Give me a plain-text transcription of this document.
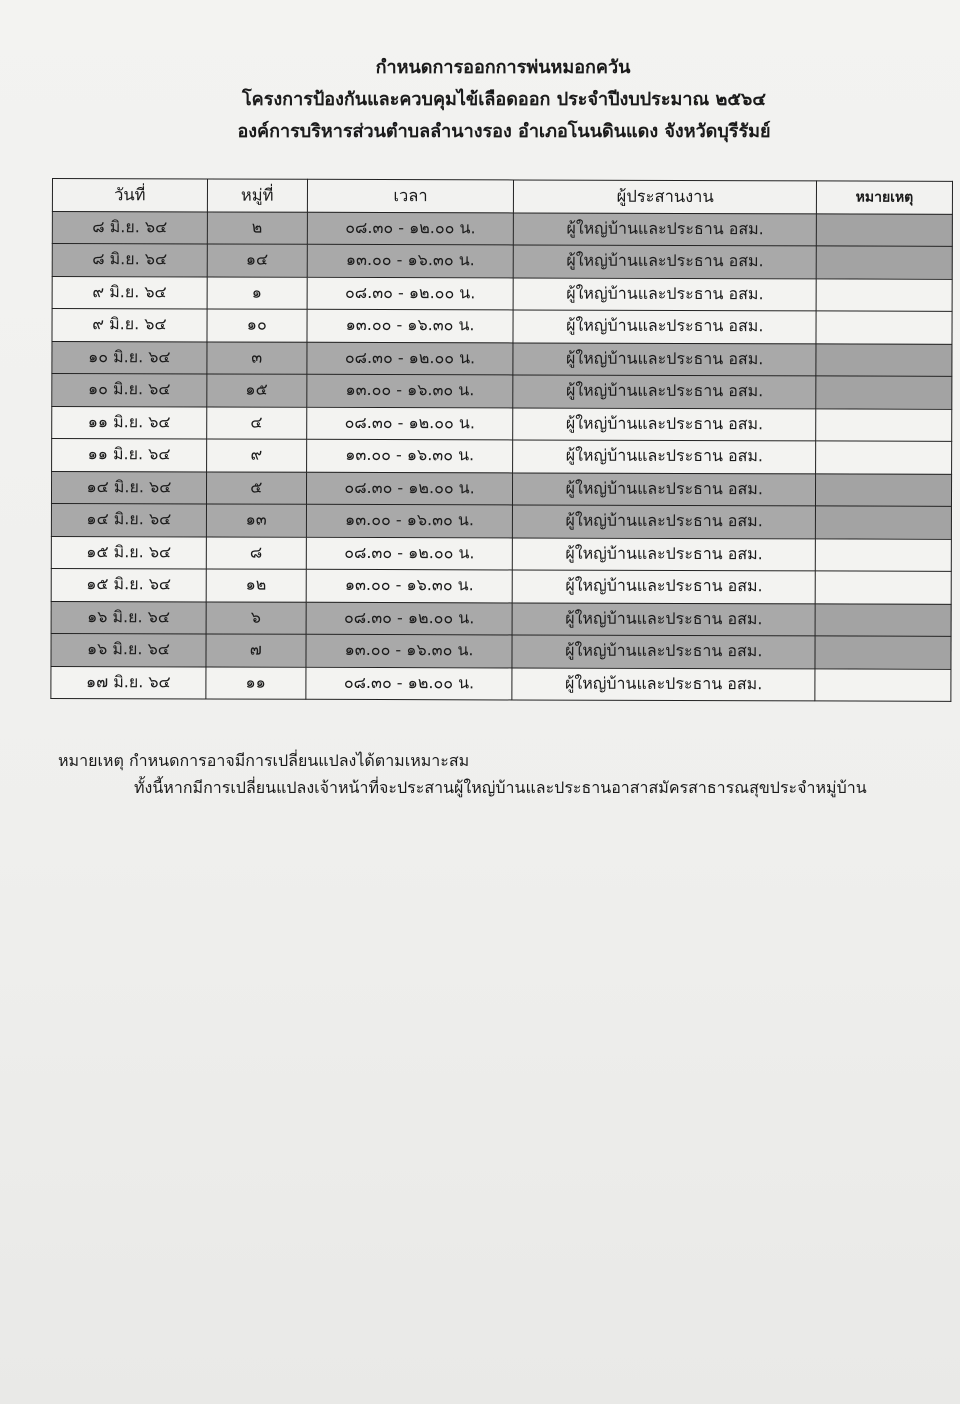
กำหนดการออกการพ่นหมอกควัน
โครงการป้องกันและควบคุมไข้เลือดออก ประจำปีงบประมาณ ๒๕๖๔
องค์การบริหารส่วนตำบลลำนางรอง อำเภอโนนดินแดง จังหวัดบุรีรัมย์
วันที่	หมู่ที่	เวลา	ผู้ประสานงาน	หมายเหตุ
๘ มิ.ย. ๖๔	๒	๐๘.๓๐ - ๑๒.๐๐ น.	ผู้ใหญ่บ้านและประธาน อสม.	
๘ มิ.ย. ๖๔	๑๔	๑๓.๐๐ - ๑๖.๓๐ น.	ผู้ใหญ่บ้านและประธาน อสม.	
๙ มิ.ย. ๖๔	๑	๐๘.๓๐ - ๑๒.๐๐ น.	ผู้ใหญ่บ้านและประธาน อสม.	
๙ มิ.ย. ๖๔	๑๐	๑๓.๐๐ - ๑๖.๓๐ น.	ผู้ใหญ่บ้านและประธาน อสม.	
๑๐ มิ.ย. ๖๔	๓	๐๘.๓๐ - ๑๒.๐๐ น.	ผู้ใหญ่บ้านและประธาน อสม.	
๑๐ มิ.ย. ๖๔	๑๕	๑๓.๐๐ - ๑๖.๓๐ น.	ผู้ใหญ่บ้านและประธาน อสม.	
๑๑ มิ.ย. ๖๔	๔	๐๘.๓๐ - ๑๒.๐๐ น.	ผู้ใหญ่บ้านและประธาน อสม.	
๑๑ มิ.ย. ๖๔	๙	๑๓.๐๐ - ๑๖.๓๐ น.	ผู้ใหญ่บ้านและประธาน อสม.	
๑๔ มิ.ย. ๖๔	๕	๐๘.๓๐ - ๑๒.๐๐ น.	ผู้ใหญ่บ้านและประธาน อสม.	
๑๔ มิ.ย. ๖๔	๑๓	๑๓.๐๐ - ๑๖.๓๐ น.	ผู้ใหญ่บ้านและประธาน อสม.	
๑๕ มิ.ย. ๖๔	๘	๐๘.๓๐ - ๑๒.๐๐ น.	ผู้ใหญ่บ้านและประธาน อสม.	
๑๕ มิ.ย. ๖๔	๑๒	๑๓.๐๐ - ๑๖.๓๐ น.	ผู้ใหญ่บ้านและประธาน อสม.	
๑๖ มิ.ย. ๖๔	๖	๐๘.๓๐ - ๑๒.๐๐ น.	ผู้ใหญ่บ้านและประธาน อสม.	
๑๖ มิ.ย. ๖๔	๗	๑๓.๐๐ - ๑๖.๓๐ น.	ผู้ใหญ่บ้านและประธาน อสม.	
๑๗ มิ.ย. ๖๔	๑๑	๐๘.๓๐ - ๑๒.๐๐ น.	ผู้ใหญ่บ้านและประธาน อสม.	
หมายเหตุ กำหนดการอาจมีการเปลี่ยนแปลงได้ตามเหมาะสม
ทั้งนี้หากมีการเปลี่ยนแปลงเจ้าหน้าที่จะประสานผู้ใหญ่บ้านและประธานอาสาสมัครสาธารณสุขประจำหมู่บ้าน
